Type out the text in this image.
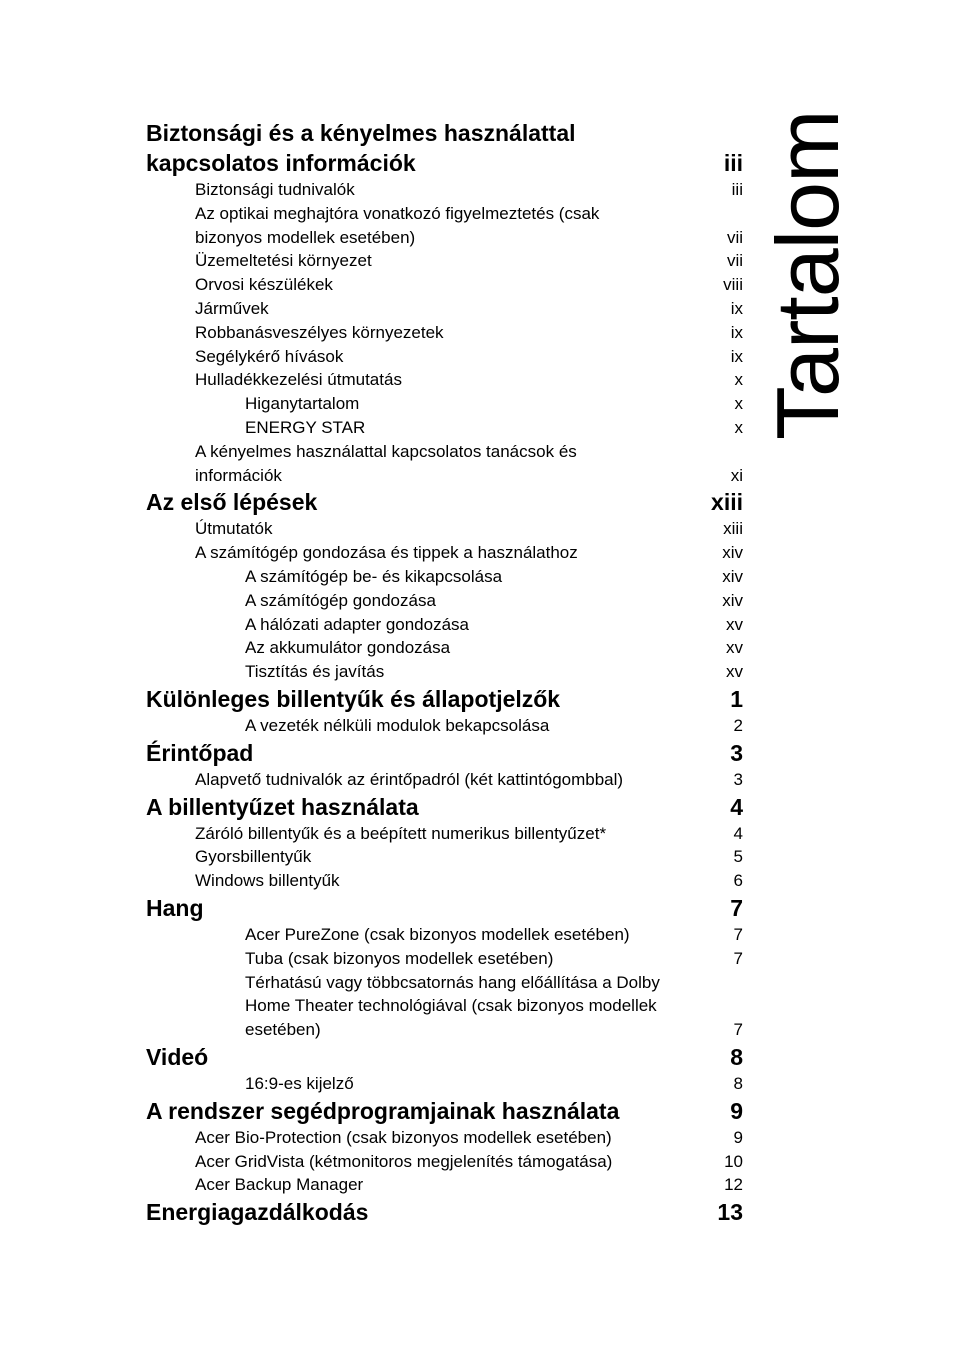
Biztonsági és a kényelmes használattal kapcsolatos információk	iii
Biztonsági tudnivalók	iii
Az optikai meghajtóra vonatkozó figyelmeztetés (csak bizonyos modellek esetében)	vii
Üzemeltetési környezet	vii
Orvosi készülékek	viii
Járművek	ix
Robbanásveszélyes környezetek	ix
Segélykérő hívások	ix
Hulladékkezelési útmutatás	x
Higanytartalom	x
ENERGY STAR	x
A kényelmes használattal kapcsolatos tanácsok és információk	xi
Az első lépések	xiii
Útmutatók	xiii
A számítógép gondozása és tippek a használathoz	xiv
A számítógép be- és kikapcsolása	xiv
A számítógép gondozása	xiv
A hálózati adapter gondozása	xv
Az akkumulátor gondozása	xv
Tisztítás és javítás	xv
Különleges billentyűk és állapotjelzők	1
A vezeték nélküli modulok bekapcsolása	2
Érintőpad	3
Alapvető tudnivalók az érintőpadról (két kattintógombbal)	3
A billentyűzet használata	4
Záróló billentyűk és a beépített numerikus billentyűzet*	4
Gyorsbillentyűk	5
Windows billentyűk	6
Hang	7
Acer PureZone (csak bizonyos modellek esetében)	7
Tuba (csak bizonyos modellek esetében)	7
Térhatású vagy többcsatornás hang előállítása a Dolby Home Theater technológiával (csak bizonyos modellek esetében)	7
Videó	8
16:9-es kijelző	8
A rendszer segédprogramjainak használata	9
Acer Bio-Protection (csak bizonyos modellek esetében)	9
Acer GridVista (kétmonitoros megjelenítés támogatása)	10
Acer Backup Manager	12
Energiagazdálkodás	13
Tartalom
